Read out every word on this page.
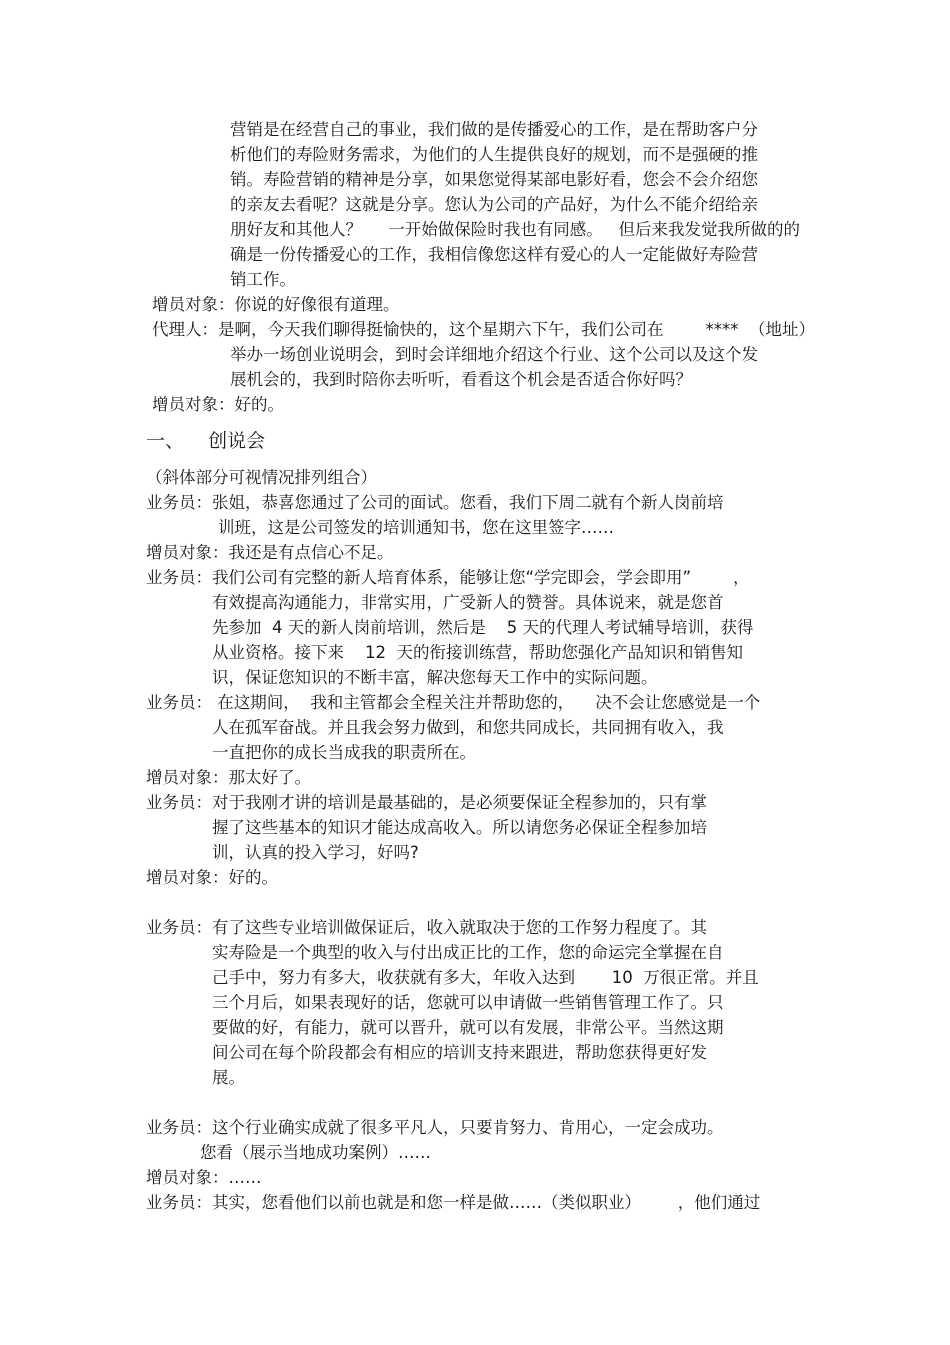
营销是在经营自己的事业，我们做的是传播爱心的工作，是在帮助客户分
析他们的寿险财务需求，为他们的人生提供良好的规划，而不是强硬的推
销。寿险营销的精神是分享，如果您觉得某部电影好看，您会不会介绍您
的亲友去看呢？这就是分享。您认为公司的产品好，为什么不能介绍给亲
朋好友和其他人？     一开始做保险时我也有同感。   但后来我发觉我所做的的
确是一份传播爱心的工作，我相信像您这样有爱心的人一定能做好寿险营
销工作。
增员对象：你说的好像很有道理。
代理人：是啊，今天我们聊得挺愉快的，这个星期六下午，我们公司在        ****  （地址）
举办一场创业说明会，到时会详细地介绍这个行业、这个公司以及这个发
展机会的，我到时陪你去听听，看看这个机会是否适合你好吗？
增员对象：好的。
一、    创说会
（斜体部分可视情况排列组合）
业务员：张姐，恭喜您通过了公司的面试。您看，我们下周二就有个新人岗前培
训班，这是公司签发的培训通知书，您在这里签字……
增员对象：我还是有点信心不足。
业务员：我们公司有完整的新人培育体系，能够让您“学完即会，学会即用”        ，
有效提高沟通能力，非常实用，广受新人的赞誉。具体说来，就是您首
先参加  4 天的新人岗前培训，然后是    5 天的代理人考试辅导培训，获得
从业资格。接下来    12  天的衔接训练营，帮助您强化产品知识和销售知
识，保证您知识的不断丰富，解决您每天工作中的实际问题。
业务员： 在这期间，  我和主管都会全程关注并帮助您的，    决不会让您感觉是一个
人在孤军奋战。并且我会努力做到，和您共同成长，共同拥有收入，我
一直把你的成长当成我的职责所在。
增员对象：那太好了。
业务员：对于我刚才讲的培训是最基础的，是必须要保证全程参加的，只有掌
握了这些基本的知识才能达成高收入。所以请您务必保证全程参加培
训，认真的投入学习，好吗?
增员对象：好的。
业务员：有了这些专业培训做保证后，收入就取决于您的工作努力程度了。其
实寿险是一个典型的收入与付出成正比的工作，您的命运完全掌握在自
己手中，努力有多大，收获就有多大，年收入达到       10  万很正常。并且
三个月后，如果表现好的话，您就可以申请做一些销售管理工作了。只
要做的好，有能力，就可以晋升，就可以有发展，非常公平。当然这期
间公司在每个阶段都会有相应的培训支持来跟进，帮助您获得更好发
展。
业务员：这个行业确实成就了很多平凡人，只要肯努力、肯用心，一定会成功。
您看（展示当地成功案例）……
增员对象：……
业务员：其实，您看他们以前也就是和您一样是做……（类似职业）       ，他们通过
